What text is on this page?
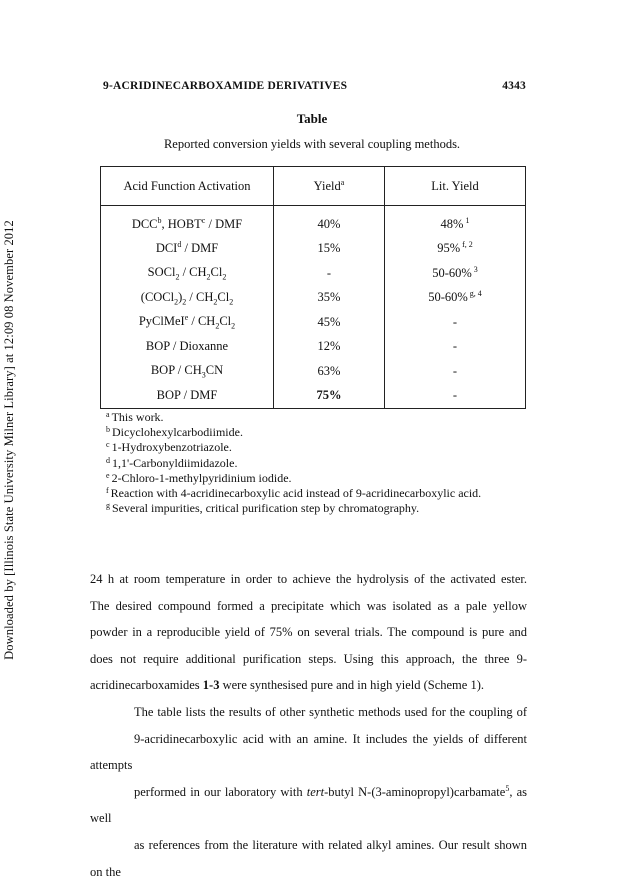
Downloaded by [Illinois State University Milner Library] at 12:09 08 November 2012
9-ACRIDINECARBOXAMIDE DERIVATIVES	4343
Table
Reported conversion yields with several coupling methods.
Acid Function Activation	Yield$^a$	Lit. Yield
DCC$^b$, HOBT$^c$ / DMF	40%	48% $^1$
DCI$^d$ / DMF	15%	95% $^{f, 2}$
SOCl$_2$ / $CH_2Cl_2$	-	50-60% $^3$
$(COCl_2)_2 / CH_2Cl_2$	35%	50-60% $^{g, 4}$
PyClMeI$^e$ / $CH_2Cl_2$	45%	-
BOP / Dioxanne	12%	-
BOP / $CH_3CN$	63%	-
BOP / DMF	75%	-
$^a$ This work.
$^b$ Dicyclohexylcarbodiimide.
$^c$ 1-Hydroxybenzotriazole.
$^d$ 1,1'-Carbonyldiimidazole.
$^e$ 2-Chloro-1-methylpyridinium iodide.
$^f$ Reaction with 4-acridinecarboxylic acid instead of 9-acridinecarboxylic acid.
$^g$ Several impurities, critical purification step by chromatography.

24 h at room temperature in order to achieve the hydrolysis of the activated ester.
The desired compound formed a precipitate which was isolated as a pale yellow
powder in a reproducible yield of 75% on several trials. The compound is pure and
does not require additional purification steps. Using this approach, the three 9-
acridinecarboxamides 1-3 were synthesised pure and in high yield (Scheme 1).

The table lists the results of other synthetic methods used for the coupling of
9-acridinecarboxylic acid with an amine. It includes the yields of different attempts
performed in our laboratory with tert-butyl N-(3-aminopropyl)carbamate$^5$, as well
as references from the literature with related alkyl amines. Our result shown on the
